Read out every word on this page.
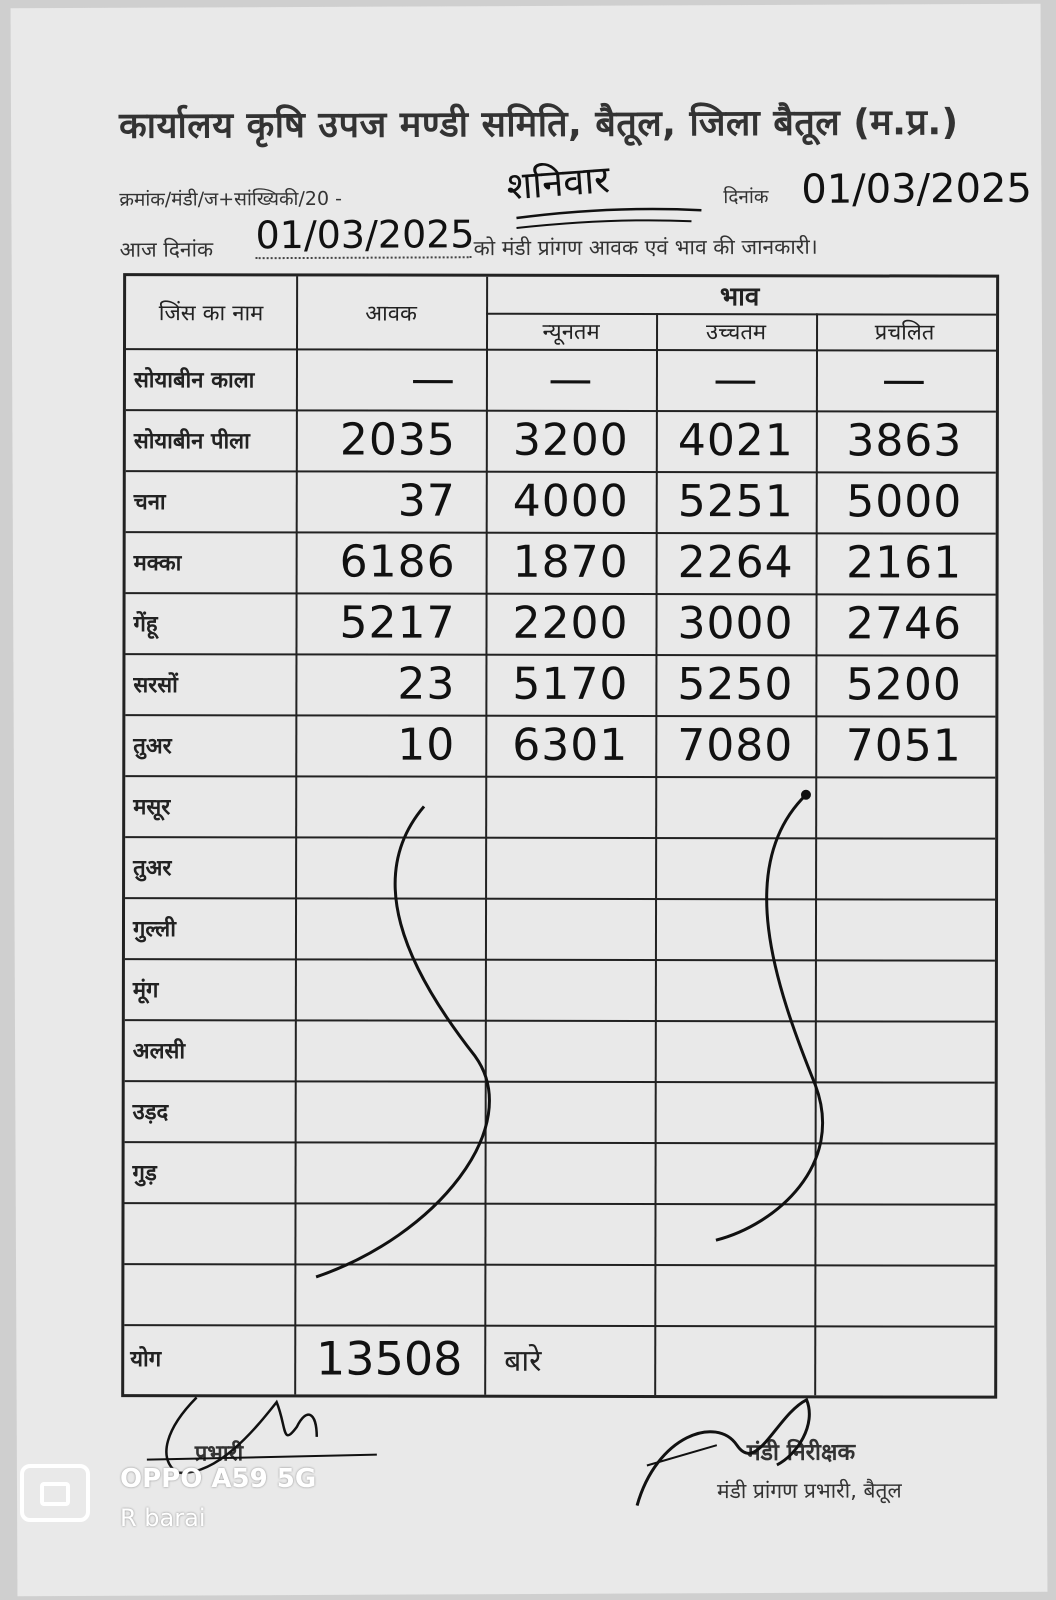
कार्यालय कृषि उपज मण्डी समिति, बैतूल, जिला बैतूल (म.प्र.)
क्रमांक/मंडी/ज+सांख्यिकी/20 -	शनिवार	दिनांक 01/03/2025
आज दिनांक 01/03/2025
को मंडी प्रांगण आवक एवं भाव की जानकारी।
जिंस का नाम	आवक
भाव
न्यूनतम	उच्चतम	प्रचलित
सोयाबीन काला	—	—	—	—
सोयाबीन पीला	2035	3200	4021	3863
चना	37	4000	5251	5000
मक्का	6186	1870	2264	2161
गेंहू	5217	2200	3000	2746
सरसों	23	5170	5250	5200
तुअर	10	6301	7080	7051
मसूर
तुअर
गुल्ली
मूंग
अलसी
उड़द
गुड़
योग	13508	बारे
प्रभारी	मंडी निरीक्षक
मंडी प्रांगण प्रभारी, बैतूल
OPPO A59 5G
R barai
